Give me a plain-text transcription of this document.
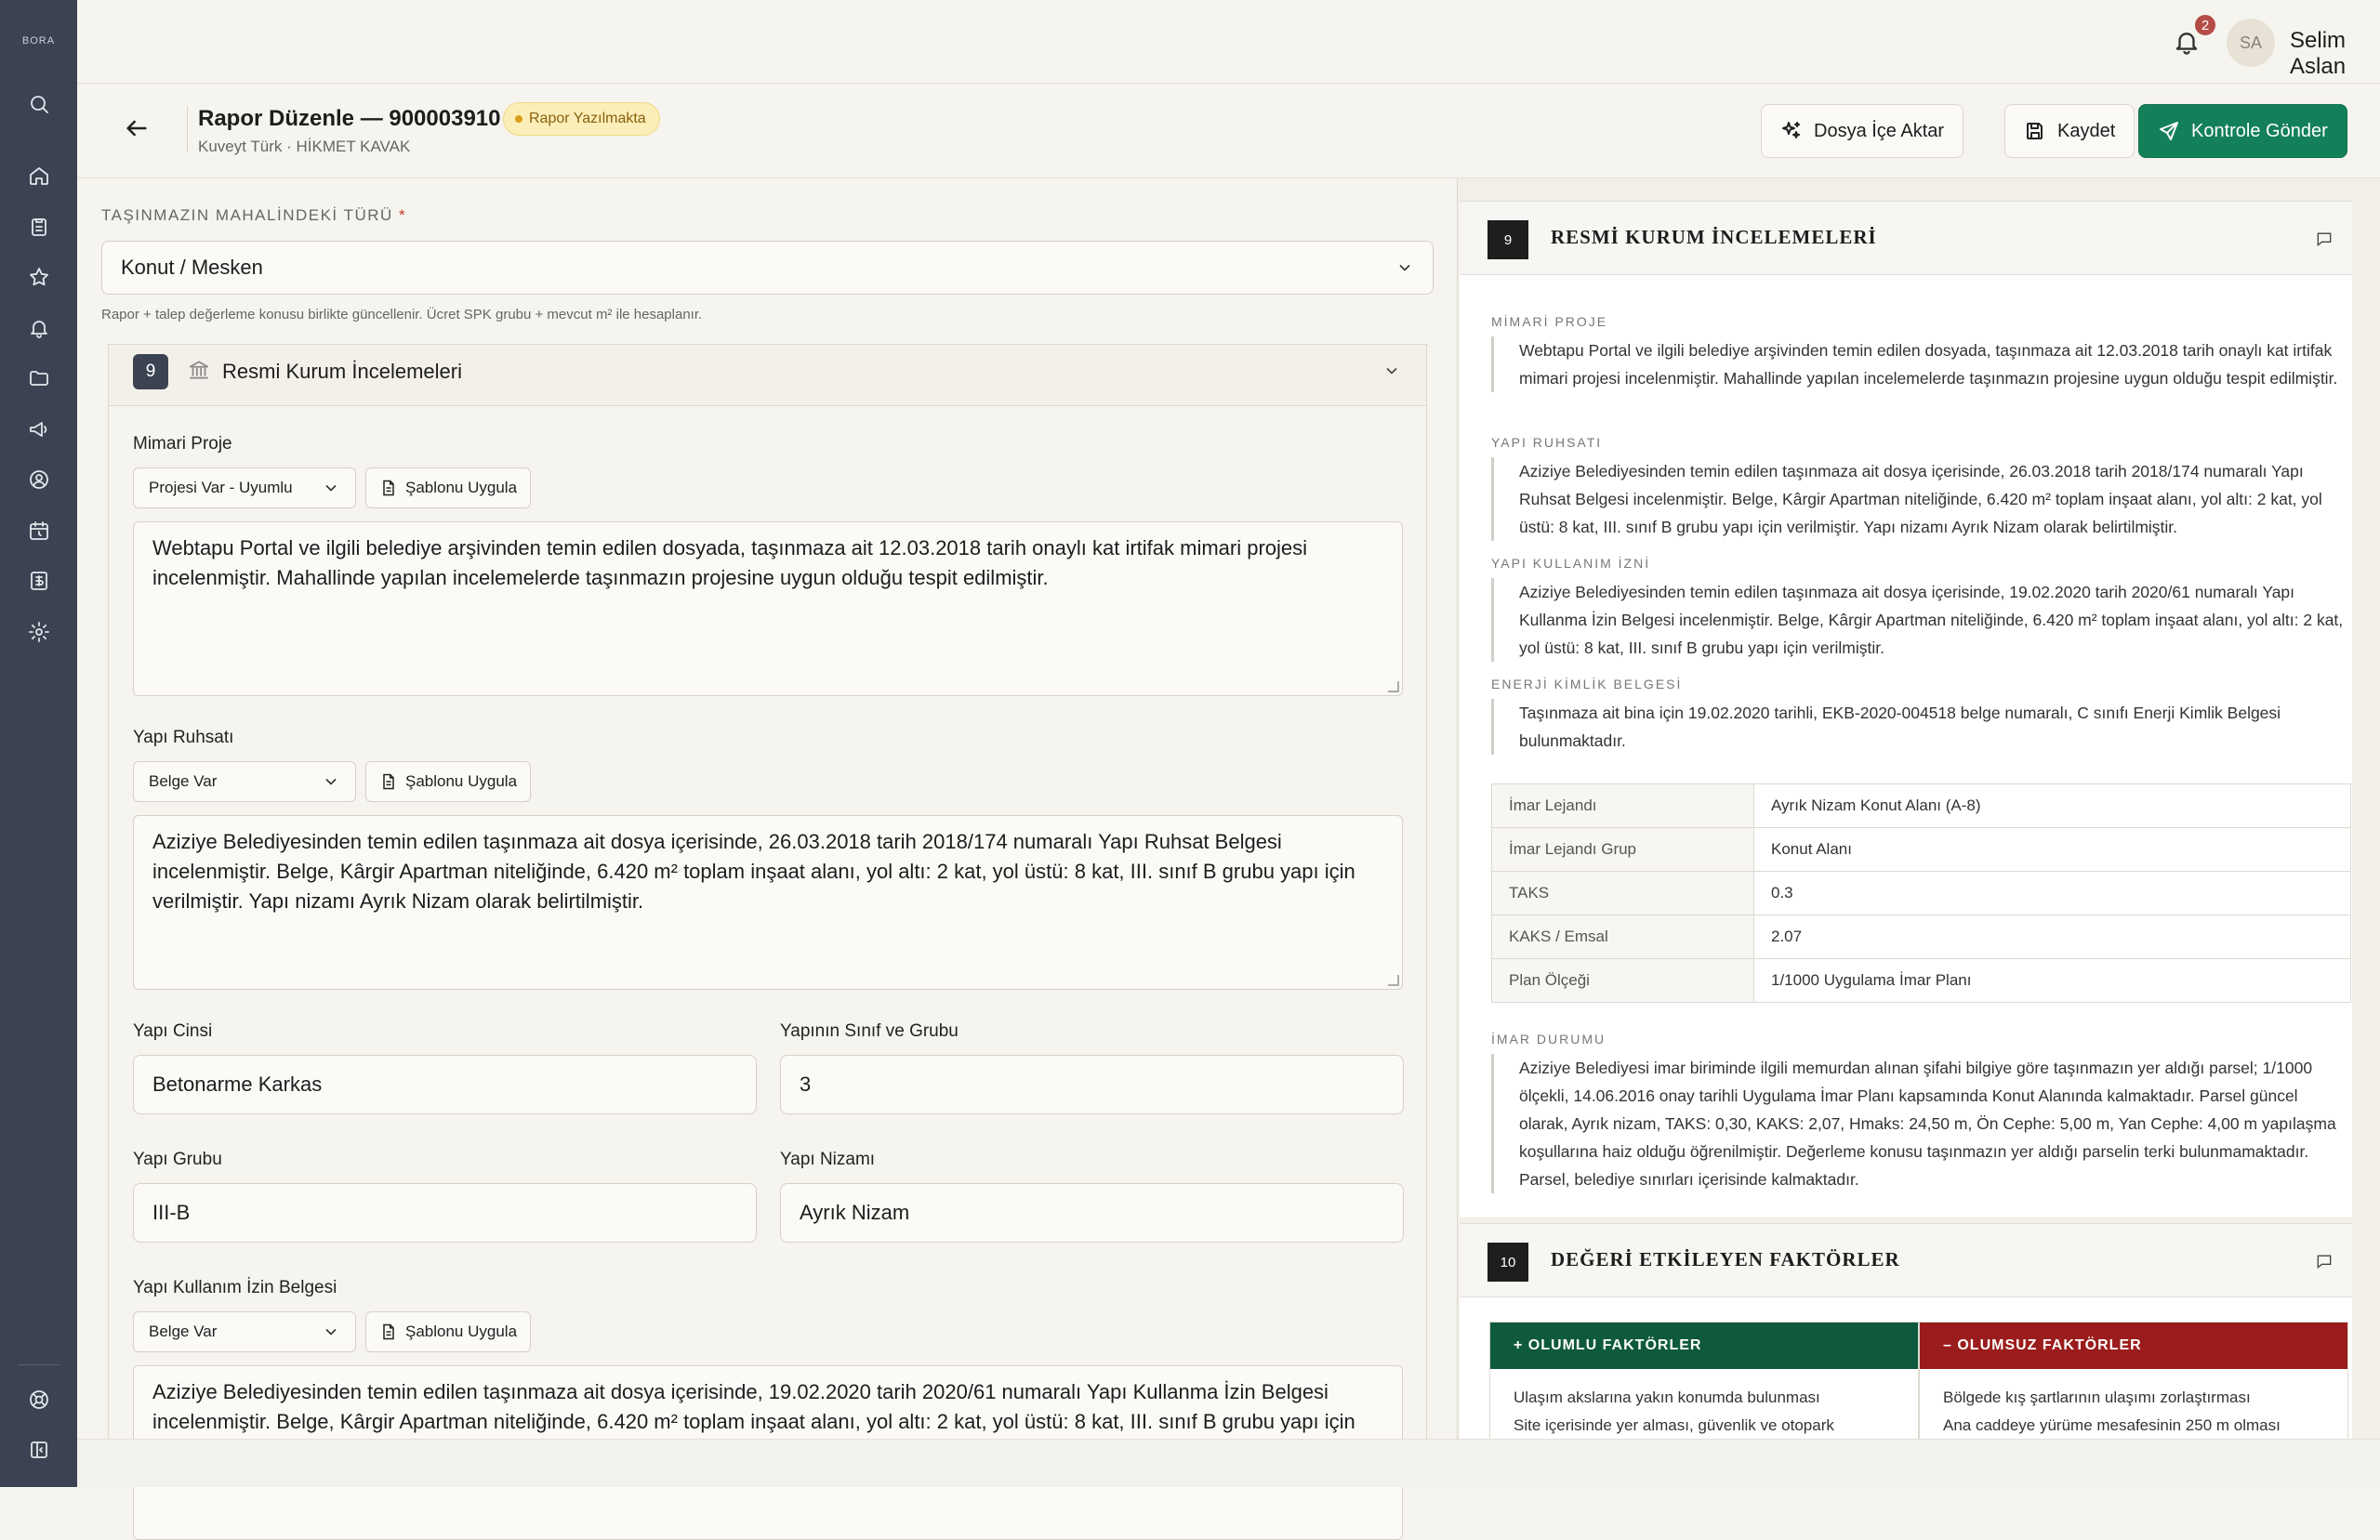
BORA
2
SA	Selim Aslan
Rapor Düzenle — 900003910 Rapor Yazılmakta
Kuveyt Türk · HİKMET KAVAK
Dosya İçe Aktar	Kaydet	Kontrole Gönder
TAŞINMAZIN MAHALİNDEKİ TÜRÜ *
Konut / Mesken
Rapor + talep değerleme konusu birlikte güncellenir. Ücret SPK grubu + mevcut m² ile hesaplanır.
9	Resmi Kurum İncelemeleri
Mimari Proje
Projesi Var - Uyumlu	Şablonu Uygula
Webtapu Portal ve ilgili belediye arşivinden temin edilen dosyada, taşınmaza ait 12.03.2018 tarih onaylı kat irtifak mimari projesi incelenmiştir. Mahallinde yapılan incelemelerde taşınmazın projesine uygun olduğu tespit edilmiştir.
Yapı Ruhsatı
Belge Var	Şablonu Uygula
Aziziye Belediyesinden temin edilen taşınmaza ait dosya içerisinde, 26.03.2018 tarih 2018/174 numaralı Yapı Ruhsat Belgesi incelenmiştir. Belge, Kârgir Apartman niteliğinde, 6.420 m² toplam inşaat alanı, yol altı: 2 kat, yol üstü: 8 kat, III. sınıf B grubu yapı için verilmiştir. Yapı nizamı Ayrık Nizam olarak belirtilmiştir.
Yapı Cinsi
Betonarme Karkas
Yapının Sınıf ve Grubu
3
Yapı Grubu
III-B
Yapı Nizamı
Ayrık Nizam
Yapı Kullanım İzin Belgesi
Belge Var	Şablonu Uygula
Aziziye Belediyesinden temin edilen taşınmaza ait dosya içerisinde, 19.02.2020 tarih 2020/61 numaralı Yapı Kullanma İzin Belgesi incelenmiştir. Belge, Kârgir Apartman niteliğinde, 6.420 m² toplam inşaat alanı, yol altı: 2 kat, yol üstü: 8 kat, III. sınıf B grubu yapı için
9	RESMİ KURUM İNCELEMELERİ
MİMARİ PROJE
Webtapu Portal ve ilgili belediye arşivinden temin edilen dosyada, taşınmaza ait 12.03.2018 tarih onaylı kat irtifak mimari projesi incelenmiştir. Mahallinde yapılan incelemelerde taşınmazın projesine uygun olduğu tespit edilmiştir.
YAPI RUHSATI
Aziziye Belediyesinden temin edilen taşınmaza ait dosya içerisinde, 26.03.2018 tarih 2018/174 numaralı Yapı Ruhsat Belgesi incelenmiştir. Belge, Kârgir Apartman niteliğinde, 6.420 m² toplam inşaat alanı, yol altı: 2 kat, yol üstü: 8 kat, III. sınıf B grubu yapı için verilmiştir. Yapı nizamı Ayrık Nizam olarak belirtilmiştir.
YAPI KULLANIM İZNİ
Aziziye Belediyesinden temin edilen taşınmaza ait dosya içerisinde, 19.02.2020 tarih 2020/61 numaralı Yapı Kullanma İzin Belgesi incelenmiştir. Belge, Kârgir Apartman niteliğinde, 6.420 m² toplam inşaat alanı, yol altı: 2 kat, yol üstü: 8 kat, III. sınıf B grubu yapı için verilmiştir.
ENERJİ KİMLİK BELGESİ
Taşınmaza ait bina için 19.02.2020 tarihli, EKB-2020-004518 belge numaralı, C sınıfı Enerji Kimlik Belgesi bulunmaktadır.
İmar Lejandı	Ayrık Nizam Konut Alanı (A-8)
İmar Lejandı Grup	Konut Alanı
TAKS	0.3
KAKS / Emsal	2.07
Plan Ölçeği	1/1000 Uygulama İmar Planı
İMAR DURUMU
Aziziye Belediyesi imar biriminde ilgili memurdan alınan şifahi bilgiye göre taşınmazın yer aldığı parsel; 1/1000 ölçekli, 14.06.2016 onay tarihli Uygulama İmar Planı kapsamında Konut Alanında kalmaktadır. Parsel güncel olarak, Ayrık nizam, TAKS: 0,30, KAKS: 2,07, Hmaks: 24,50 m, Ön Cephe: 5,00 m, Yan Cephe: 4,00 m yapılaşma koşullarına haiz olduğu öğrenilmiştir. Değerleme konusu taşınmazın yer aldığı parselin terki bulunmamaktadır. Parsel, belediye sınırları içerisinde kalmaktadır.
10	DEĞERİ ETKİLEYEN FAKTÖRLER
+ OLUMLU FAKTÖRLER
Ulaşım akslarına yakın konumda bulunması
Site içerisinde yer alması, güvenlik ve otopark
– OLUMSUZ FAKTÖRLER
Bölgede kış şartlarının ulaşımı zorlaştırması
Ana caddeye yürüme mesafesinin 250 m olması
